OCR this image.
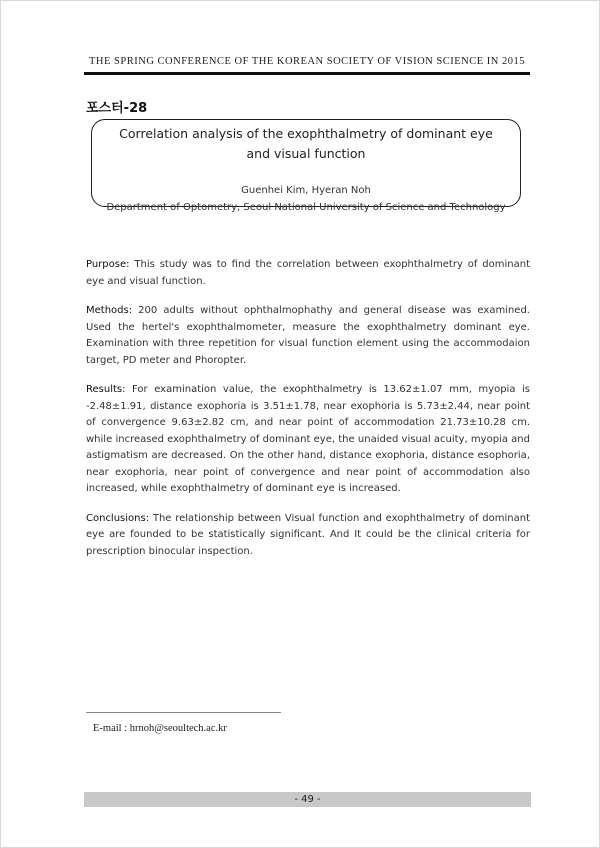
THE SPRING CONFERENCE OF THE KOREAN SOCIETY OF VISION SCIENCE IN 2015
포스터-28
Correlation analysis of the exophthalmetry of dominant eye and visual function
Guenhei Kim, Hyeran Noh
Department of Optometry, Seoul National University of Science and Technology

Purpose: This study was to find the correlation between exophthalmetry of dominant eye and visual function.

Methods: 200 adults without ophthalmophathy and general disease was examined. Used the hertel's exophthalmometer, measure the exophthalmetry dominant eye. Examination with three repetition for visual function element using the accommodaion target, PD meter and Phoropter.

Results: For examination value, the exophthalmetry is 13.62±1.07 mm, myopia is -2.48±1.91, distance exophoria is 3.51±1.78, near exophoria is 5.73±2.44, near point of convergence 9.63±2.82 cm, and near point of accommodation 21.73±10.28 cm. while increased exophthalmetry of dominant eye, the unaided visual acuity, myopia and astigmatism are decreased. On the other hand, distance exophoria, distance esophoria, near exophoria, near point of convergence and near point of accommodation also increased, while exophthalmetry of dominant eye is increased.

Conclusions: The relationship between Visual function and exophthalmetry of dominant eye are founded to be statistically significant. And It could be the clinical criteria for prescription binocular inspection.

E-mail : hrnoh@seoultech.ac.kr
- 49 -
